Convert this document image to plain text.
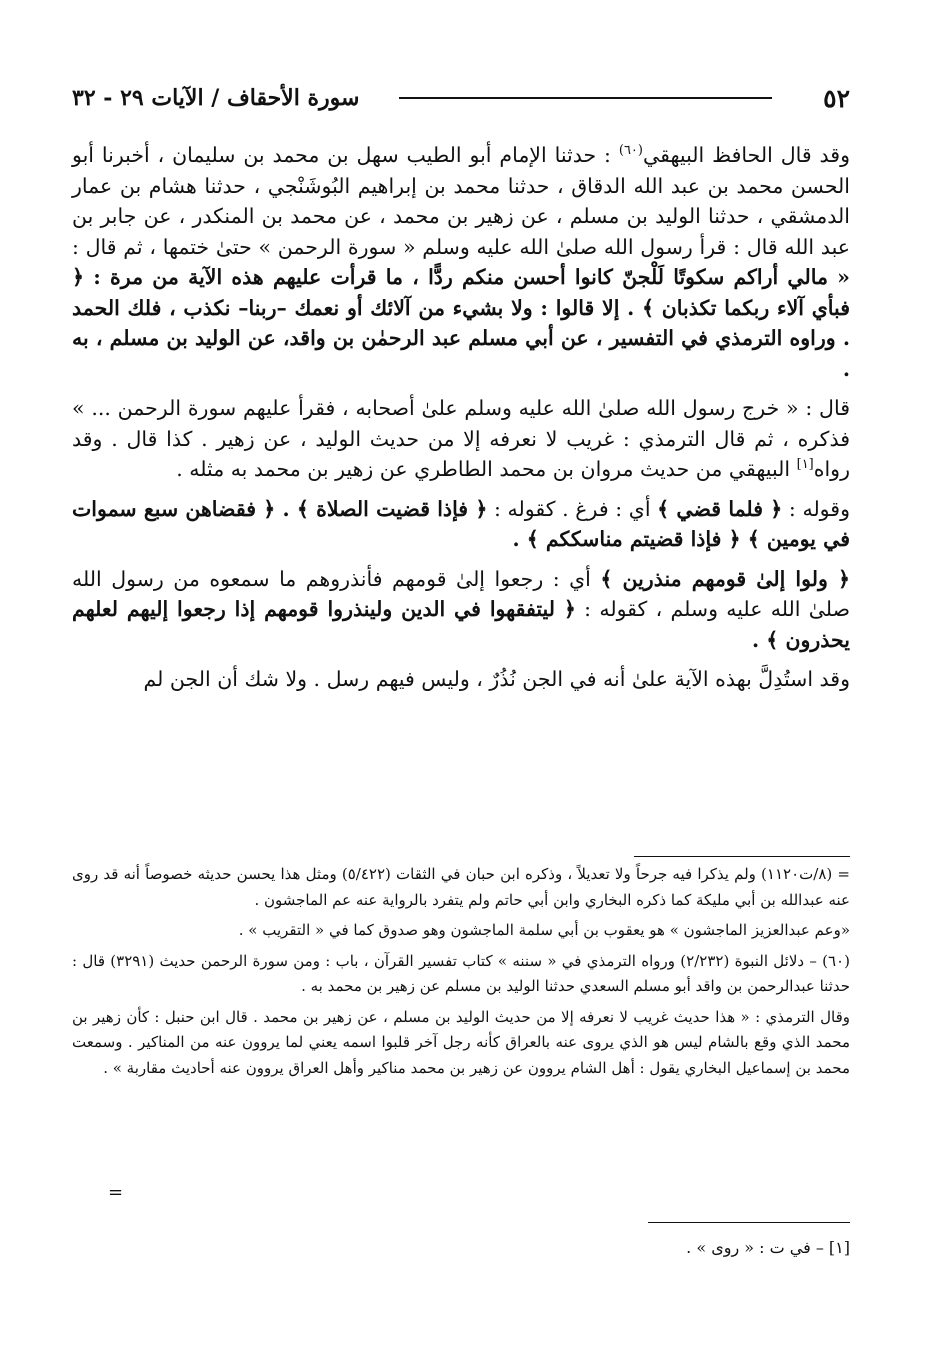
٥٢
سورة الأحقاف / الآيات ٢٩ - ٣٢

وقد قال الحافظ البيهقي$^{(٦٠)}$ : حدثنا الإمام أبو الطيب سهل بن محمد بن سليمان ، أخبرنا أبو الحسن محمد بن عبد الله الدقاق ، حدثنا محمد بن إبراهيم البُوشَنْجي ، حدثنا هشام بن عمار الدمشقي ، حدثنا الوليد بن مسلم ، عن زهير بن محمد ، عن محمد بن المنكدر ، عن جابر بن عبد الله قال : قرأ رسول الله صلىٰ الله عليه وسلم « سورة الرحمن » حتىٰ ختمها ، ثم قال : « مالي أراكم سكوتًا لَلْجنّ كانوا أحسن منكم ردًّا ، ما قرأت عليهم هذه الآية من مرة : ﴿ فبأي آلاء ربكما تكذبان ﴾ . إلا قالوا : ولا بشيء من آلائك أو نعمك –ربنا– نكذب ، فلك الحمد . وراوه الترمذي في التفسير ، عن أبي مسلم عبد الرحمٰن بن واقد، عن الوليد بن مسلم ، به .

قال : « خرج رسول الله صلىٰ الله عليه وسلم علىٰ أصحابه ، فقرأ عليهم سورة الرحمن ... » فذكره ، ثم قال الترمذي : غريب لا نعرفه إلا من حديث الوليد ، عن زهير . كذا قال . وقد رواه[١] البيهقي من حديث مروان بن محمد الطاطري عن زهير بن محمد به مثله .

وقوله : ﴿ فلما قضي ﴾ أي : فرغ . كقوله : ﴿ فإذا قضيت الصلاة ﴾ . ﴿ فقضاهن سبع سموات في يومين ﴾ ﴿ فإذا قضيتم مناسككم ﴾ .

﴿ ولوا إلىٰ قومهم منذرين ﴾ أي : رجعوا إلىٰ قومهم فأنذروهم ما سمعوه من رسول الله صلىٰ الله عليه وسلم ، كقوله : ﴿ ليتفقهوا في الدين ولينذروا قومهم إذا رجعوا إليهم لعلهم يحذرون ﴾ .

وقد استُدِلَّ بهذه الآية علىٰ أنه في الجن نُذُرٌ ، وليس فيهم رسل . ولا شك أن الجن لم

= (٨/ت١١٢٠) ولم يذكرا فيه جرحاً ولا تعديلاً ، وذكره ابن حبان في الثقات (٥/٤٢٢) ومثل هذا يحسن حديثه خصوصاً أنه قد روى عنه عبدالله بن أبي مليكة كما ذكره البخاري وابن أبي حاتم ولم يتفرد بالرواية عنه عم الماجشون .

«وعم عبدالعزيز الماجشون » هو يعقوب بن أبي سلمة الماجشون وهو صدوق كما في « التقريب » .

(٦٠) – دلائل النبوة (٢/٢٣٢) ورواه الترمذي في « سننه » كتاب تفسير القرآن ، باب : ومن سورة الرحمن حديث (٣٢٩١) قال : حدثنا عبدالرحمن بن واقد أبو مسلم السعدي حدثنا الوليد بن مسلم عن زهير بن محمد به .

وقال الترمذي : « هذا حديث غريب لا نعرفه إلا من حديث الوليد بن مسلم ، عن زهير بن محمد . قال ابن حنبل : كأن زهير بن محمد الذي وقع بالشام ليس هو الذي يروى عنه بالعراق كأنه رجل آخر قلبوا اسمه يعني لما يروون عنه من المناكير . وسمعت محمد بن إسماعيل البخاري يقول : أهل الشام يروون عن زهير بن محمد مناكير وأهل العراق يروون عنه أحاديث مقاربة » .

=
[١] – في ت : « روى » .
